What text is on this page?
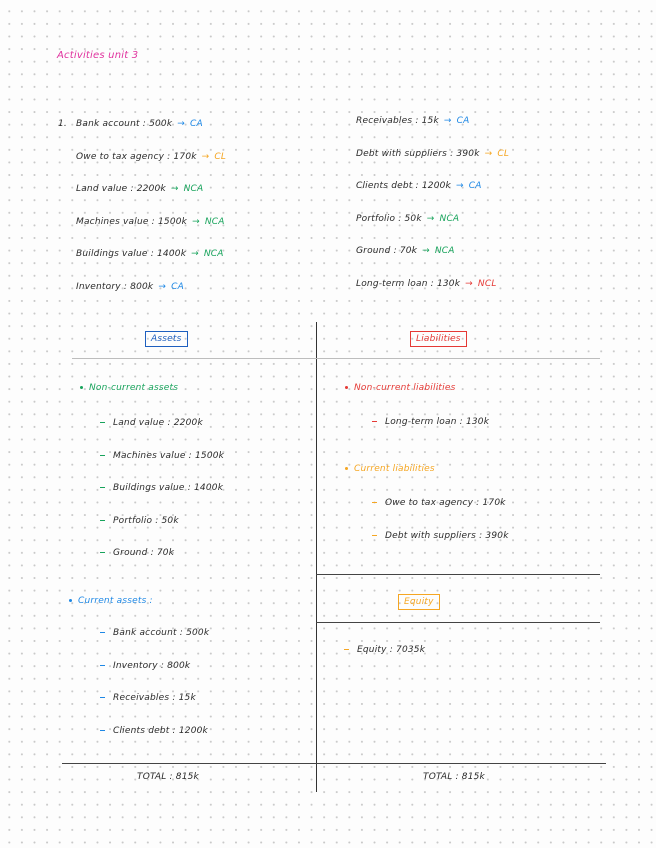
Activities unit 3
1. Bank account : 500k → CA
Owe to tax agency : 170k → CL
Land value : 2200k → NCA
Machines value : 1500k → NCA
Buildings value : 1400k → NCA
Inventory : 800k → CA
Receivables : 15k → CA
Debt with suppliers : 390k → CL
Clients debt : 1200k → CA
Portfolio : 50k → NCA
Ground : 70k → NCA
Long-term loan : 130k → NCL
Assets	Liabilities
Equity
Non-current assets
Land value : 2200k
Machines value : 1500k
Buildings value : 1400k
Portfolio : 50k
Ground : 70k
Current assets :
Bank account : 500k
Inventory : 800k
Receivables : 15k
Clients debt : 1200k
Non-current liabilities
Long-term loan : 130k
Current liabilities
Owe to tax agency : 170k
Debt with suppliers : 390k
Equity : 7035k
TOTAL : 815k	TOTAL : 815k
